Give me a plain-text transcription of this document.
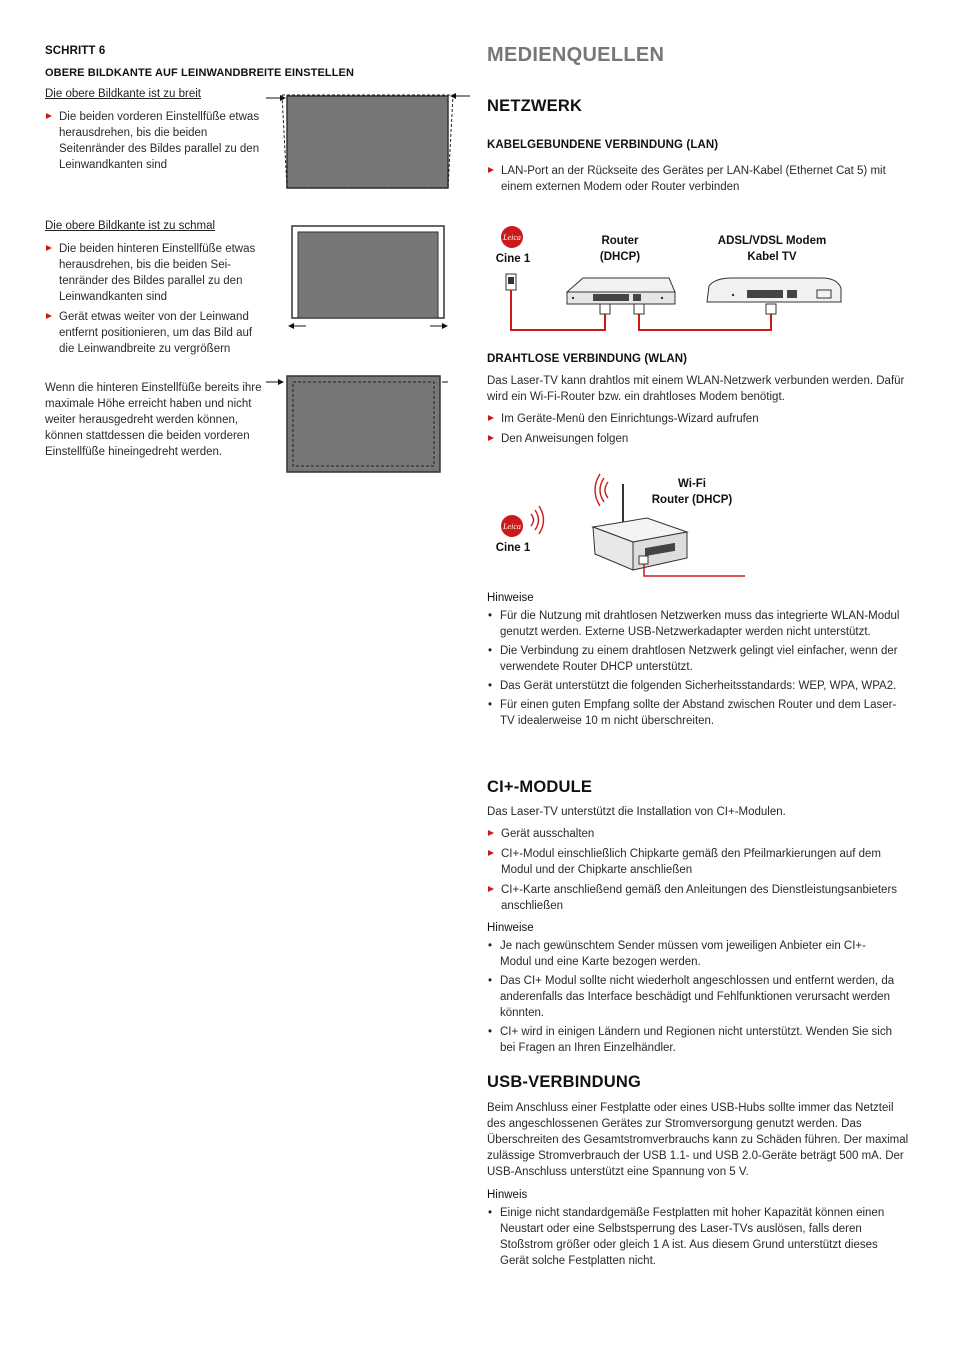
SCHRITT 6
OBERE BILDKANTE AUF LEINWANDBREITE EINSTELLEN
Die obere Bildkante ist zu breit
Die beiden vorderen Einstellfüße etwas herausdrehen, bis die beiden Seitenränder des Bildes parallel zu den Leinwandkanten sind
Die obere Bildkante ist zu schmal
Die beiden hinteren Einstellfüße etwas herausdrehen, bis die beiden Sei-tenränder des Bildes parallel zu den Leinwandkanten sind
Gerät etwas weiter von der Leinwand entfernt positionieren, um das Bild auf die Leinwandbreite zu vergrößern
Wenn die hinteren Einstellfüße bereits ihre maximale Höhe erreicht haben und nicht weiter herausgedreht werden können, können stattdessen die beiden vorderen Einstellfüße hineingedreht werden.
MEDIENQUELLEN
NETZWERK
KABELGEBUNDENE VERBINDUNG (LAN)
LAN-Port an der Rückseite des Gerätes per LAN-Kabel (Ethernet Cat 5) mit einem externen Modem oder Router verbinden
Leica
Cine 1
Router
(DHCP)
ADSL/VDSL Modem
Kabel TV
DRAHTLOSE VERBINDUNG (WLAN)
Das Laser-TV kann drahtlos mit einem WLAN-Netzwerk verbunden werden. Dafür wird ein Wi-Fi-Router bzw. ein drahtloses Modem benötigt.
Im Geräte-Menü den Einrichtungs-Wizard aufrufen
Den Anweisungen folgen
Leica
Cine 1
Wi-Fi
Router (DHCP)
Hinweise
• Für die Nutzung mit drahtlosen Netzwerken muss das integrierte WLAN-Modul genutzt werden. Externe USB-Netzwerkadapter werden nicht unterstützt.
• Die Verbindung zu einem drahtlosen Netzwerk gelingt viel einfacher, wenn der verwendete Router DHCP unterstützt.
• Das Gerät unterstützt die folgenden Sicherheitsstandards: WEP, WPA, WPA2.
• Für einen guten Empfang sollte der Abstand zwischen Router und dem Laser-TV idealerweise 10 m nicht überschreiten.
CI+-MODULE
Das Laser-TV unterstützt die Installation von CI+-Modulen.
Gerät ausschalten
CI+-Modul einschließlich Chipkarte gemäß den Pfeilmarkierungen auf dem Modul und der Chipkarte anschließen
CI+-Karte anschließend gemäß den Anleitungen des Dienstleistungsanbieters anschließen
Hinweise
• Je nach gewünschtem Sender müssen vom jeweiligen Anbieter ein CI+-Modul und eine Karte bezogen werden.
• Das CI+ Modul sollte nicht wiederholt angeschlossen und entfernt werden, da anderenfalls das Interface beschädigt und Fehlfunktionen verursacht werden könnten.
• CI+ wird in einigen Ländern und Regionen nicht unterstützt. Wenden Sie sich bei Fragen an Ihren Einzelhändler.
USB-VERBINDUNG
Beim Anschluss einer Festplatte oder eines USB-Hubs sollte immer das Netzteil des angeschlossenen Gerätes zur Stromversorgung genutzt werden. Das Überschreiten des Gesamtstromverbrauchs kann zu Schäden führen. Der maximal zulässige Stromverbrauch der USB 1.1- und USB 2.0-Geräte beträgt 500 mA. Der USB-Anschluss unterstützt eine Spannung von 5 V.
Hinweis
• Einige nicht standardgemäße Festplatten mit hoher Kapazität können einen Neustart oder eine Selbstsperrung des Laser-TVs auslösen, falls deren Stoßstrom größer oder gleich 1 A ist. Aus diesem Grund unterstützt dieses Gerät solche Festplatten nicht.
